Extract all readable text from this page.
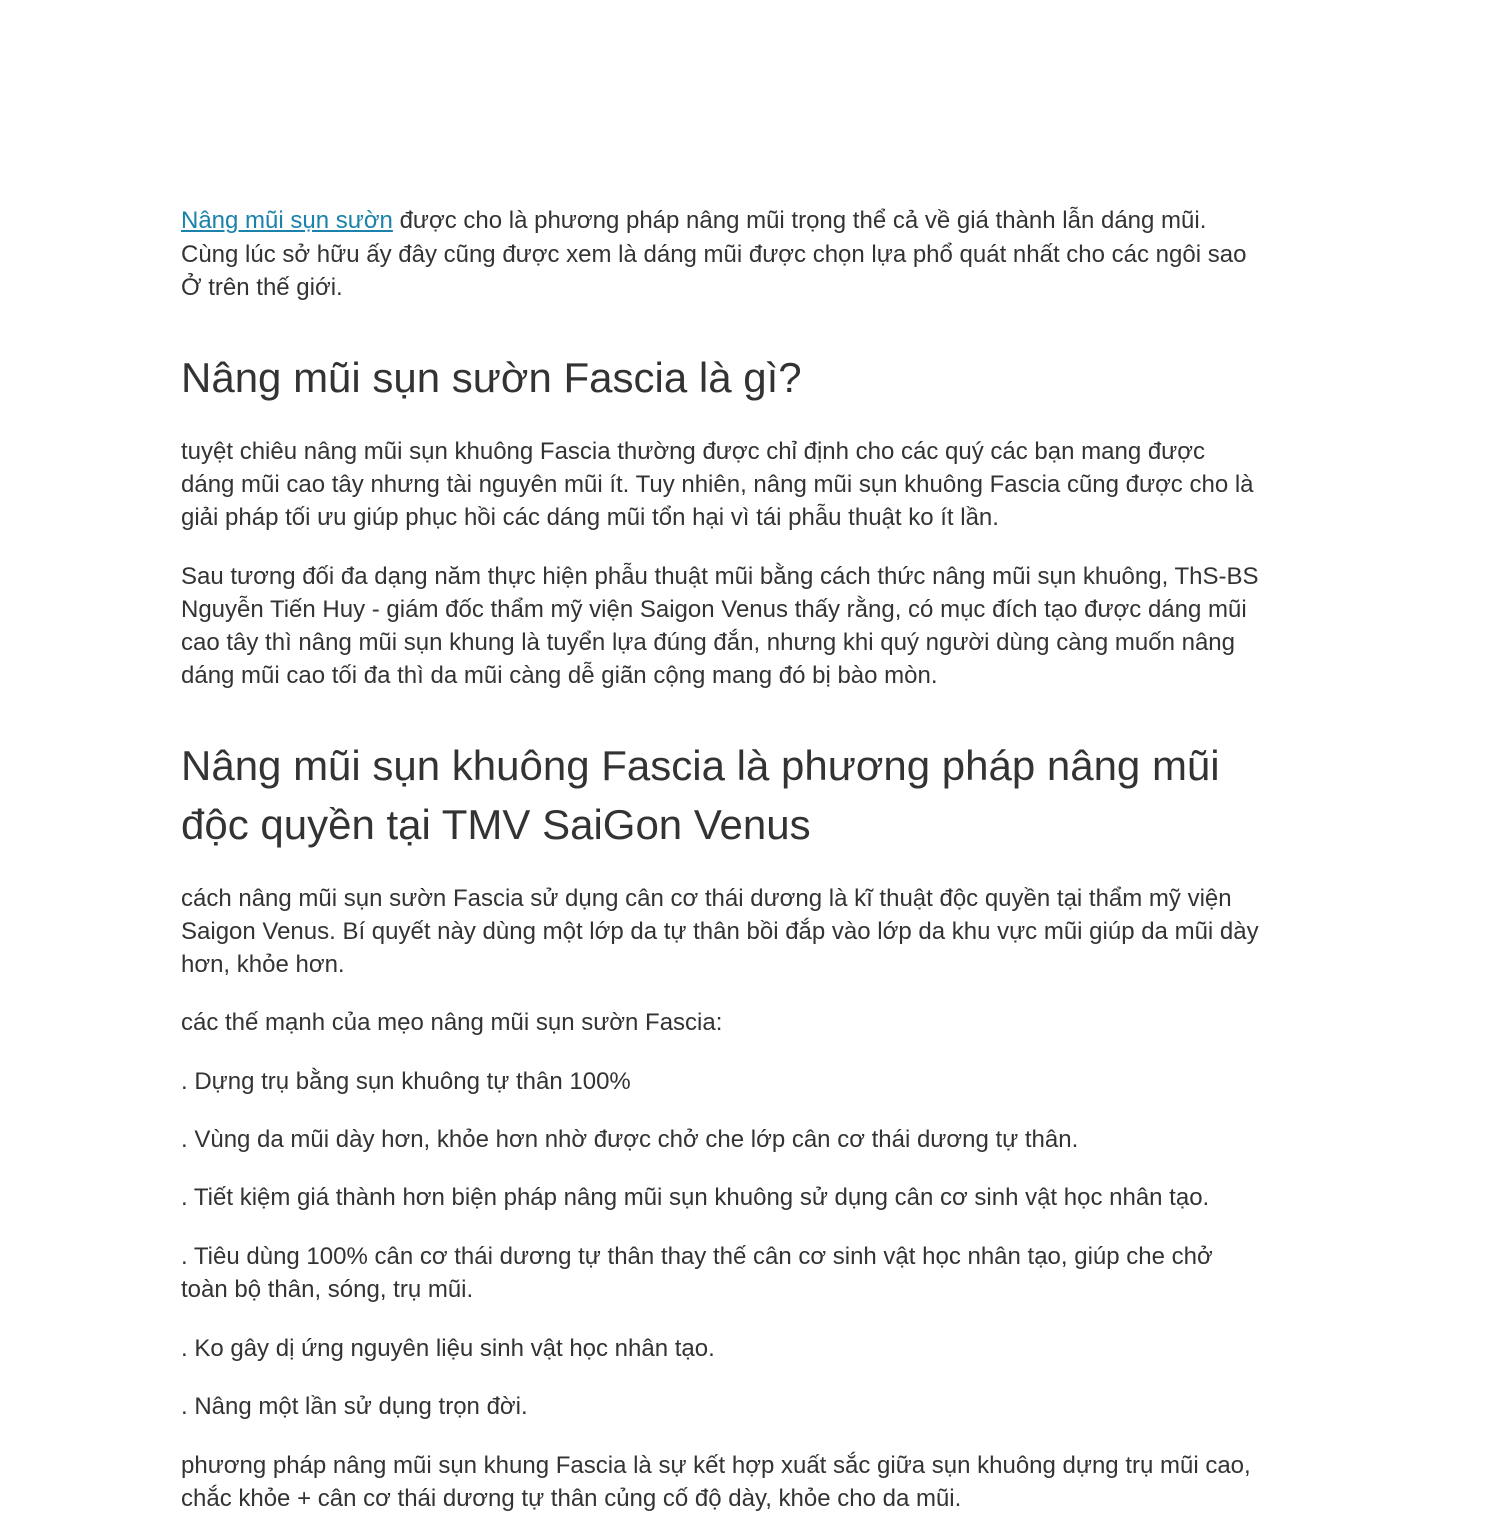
Nâng mũi sụn sườn được cho là phương pháp nâng mũi trọng thể cả về giá thành lẫn dáng mũi.
Cùng lúc sở hữu ấy đây cũng được xem là dáng mũi được chọn lựa phổ quát nhất cho các ngôi sao
Ở trên thế giới.
Nâng mũi sụn sườn Fascia là gì?
tuyệt chiêu nâng mũi sụn khuông Fascia thường được chỉ định cho các quý các bạn mang được
dáng mũi cao tây nhưng tài nguyên mũi ít. Tuy nhiên, nâng mũi sụn khuông Fascia cũng được cho là
giải pháp tối ưu giúp phục hồi các dáng mũi tổn hại vì tái phẫu thuật ko ít lần.
Sau tương đối đa dạng năm thực hiện phẫu thuật mũi bằng cách thức nâng mũi sụn khuông, ThS-BS
Nguyễn Tiến Huy - giám đốc thẩm mỹ viện Saigon Venus thấy rằng, có mục đích tạo được dáng mũi
cao tây thì nâng mũi sụn khung là tuyển lựa đúng đắn, nhưng khi quý người dùng càng muốn nâng
dáng mũi cao tối đa thì da mũi càng dễ giãn cộng mang đó bị bào mòn.
Nâng mũi sụn khuông Fascia là phương pháp nâng mũi
độc quyền tại TMV SaiGon Venus
cách nâng mũi sụn sườn Fascia sử dụng cân cơ thái dương là kĩ thuật độc quyền tại thẩm mỹ viện
Saigon Venus. Bí quyết này dùng một lớp da tự thân bồi đắp vào lớp da khu vực mũi giúp da mũi dày
hơn, khỏe hơn.
các thế mạnh của mẹo nâng mũi sụn sườn Fascia:
. Dựng trụ bằng sụn khuông tự thân 100%
. Vùng da mũi dày hơn, khỏe hơn nhờ được chở che lớp cân cơ thái dương tự thân.
. Tiết kiệm giá thành hơn biện pháp nâng mũi sụn khuông sử dụng cân cơ sinh vật học nhân tạo.
. Tiêu dùng 100% cân cơ thái dương tự thân thay thế cân cơ sinh vật học nhân tạo, giúp che chở
toàn bộ thân, sóng, trụ mũi.
. Ko gây dị ứng nguyên liệu sinh vật học nhân tạo.
. Nâng một lần sử dụng trọn đời.
phương pháp nâng mũi sụn khung Fascia là sự kết hợp xuất sắc giữa sụn khuông dựng trụ mũi cao,
chắc khỏe + cân cơ thái dương tự thân củng cố độ dày, khỏe cho da mũi.
